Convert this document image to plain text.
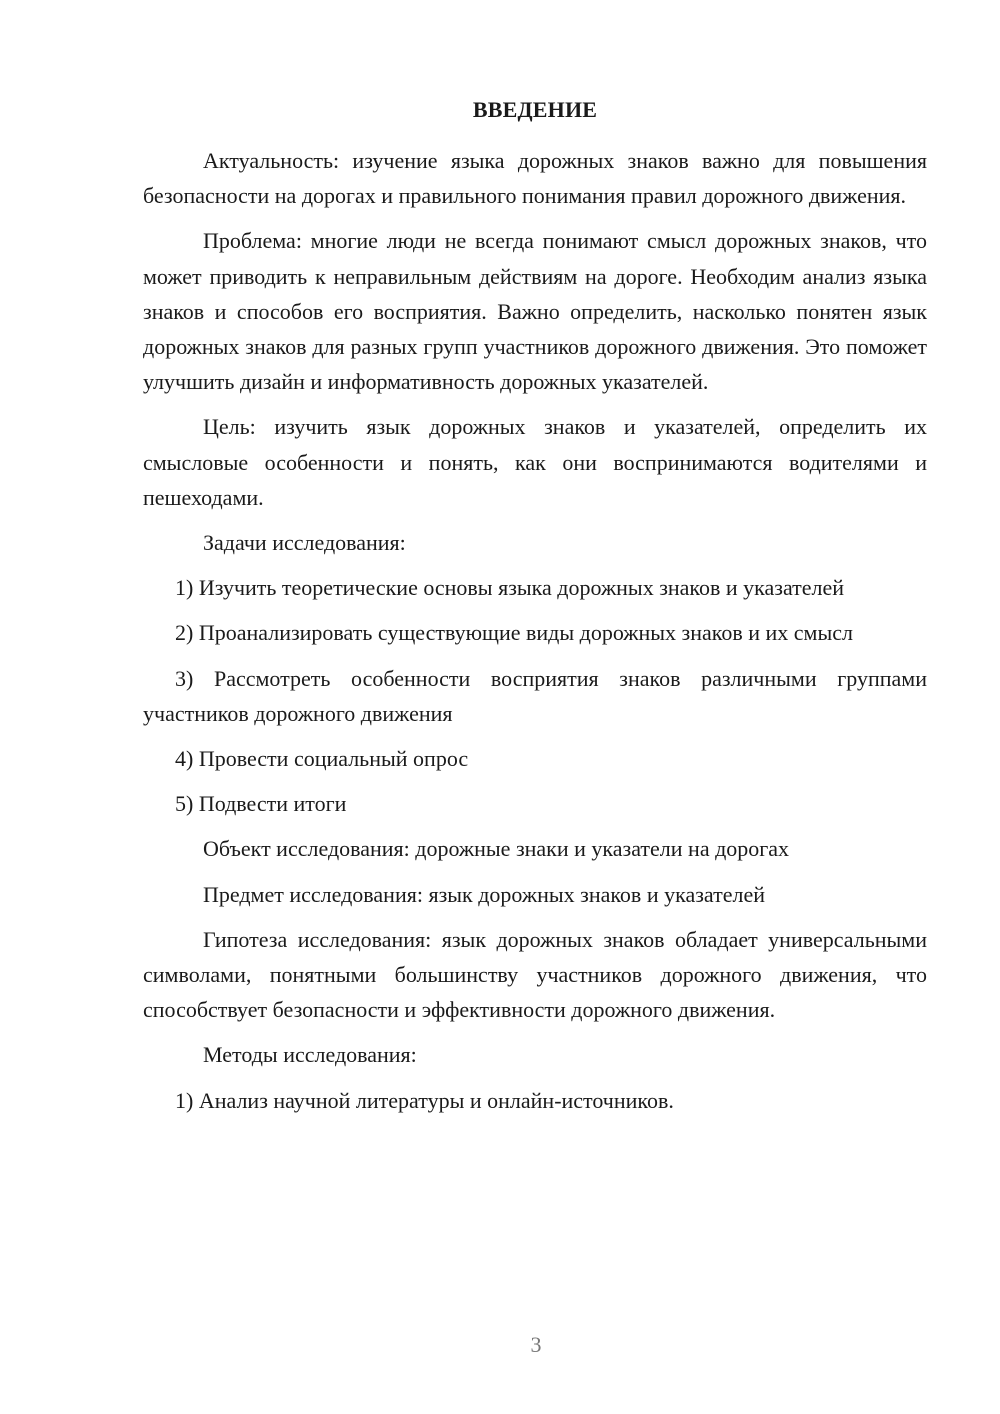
ВВЕДЕНИЕ

Актуальность: изучение языка дорожных знаков важно для повышения безопасности на дорогах и правильного понимания правил дорожного движения.

Проблема: многие люди не всегда понимают смысл дорожных знаков, что может приводить к неправильным действиям на дороге. Необходим анализ языка знаков и способов его восприятия. Важно определить, насколько понятен язык дорожных знаков для разных групп участников дорожного движения. Это поможет улучшить дизайн и информативность дорожных указателей.

Цель: изучить язык дорожных знаков и указателей, определить их смысловые особенности и понять, как они воспринимаются водителями и пешеходами.

Задачи исследования:

1) Изучить теоретические основы языка дорожных знаков и указателей

2) Проанализировать существующие виды дорожных знаков и их смысл

3) Рассмотреть особенности восприятия знаков различными группами участников дорожного движения

4) Провести социальный опрос

5) Подвести итоги

Объект исследования: дорожные знаки и указатели на дорогах

Предмет исследования: язык дорожных знаков и указателей

Гипотеза исследования: язык дорожных знаков обладает универсальными символами, понятными большинству участников дорожного движения, что способствует безопасности и эффективности дорожного движения.

Методы исследования:

1) Анализ научной литературы и онлайн-источников.

3
